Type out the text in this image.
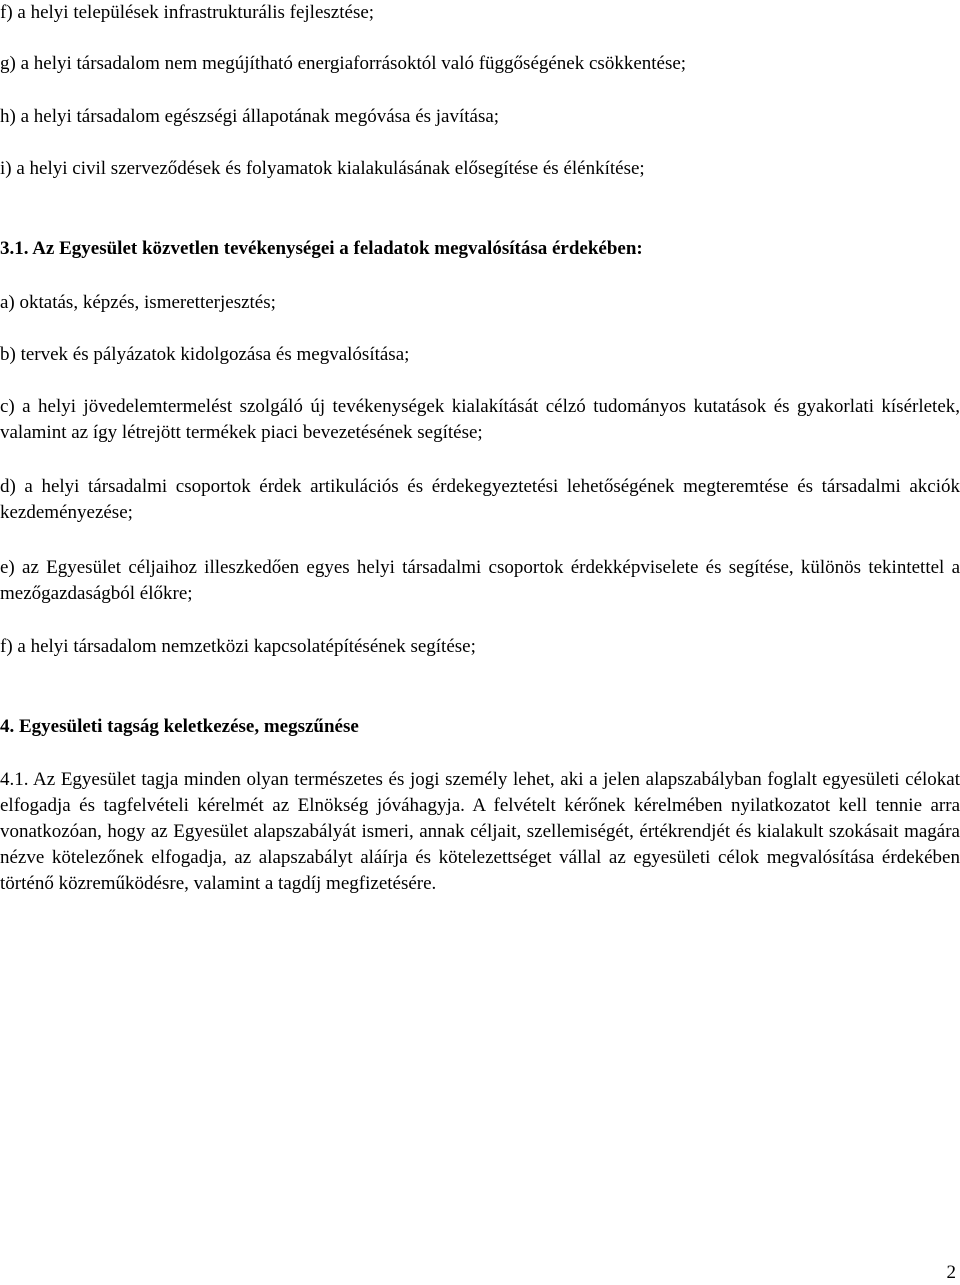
f) a helyi települések infrastrukturális fejlesztése;

g) a helyi társadalom nem megújítható energiaforrásoktól való függőségének csökkentése;

h) a helyi társadalom egészségi állapotának megóvása és javítása;

i) a helyi civil szerveződések és folyamatok kialakulásának elősegítése és élénkítése;

3.1. Az Egyesület közvetlen tevékenységei a feladatok megvalósítása érdekében:

a) oktatás, képzés, ismeretterjesztés;

b) tervek és pályázatok kidolgozása és megvalósítása;

c) a helyi jövedelemtermelést szolgáló új tevékenységek kialakítását célzó tudományos kutatások és gyakorlati kísérletek, valamint az így létrejött termékek piaci bevezetésének segítése;

d) a helyi társadalmi csoportok érdek artikulációs és érdekegyeztetési lehetőségének megteremtése és társadalmi akciók kezdeményezése;

e) az Egyesület céljaihoz illeszkedően egyes helyi társadalmi csoportok érdekképviselete és segítése, különös tekintettel a mezőgazdaságból élőkre;

f) a helyi társadalom nemzetközi kapcsolatépítésének segítése;

4. Egyesületi tagság keletkezése, megszűnése

4.1. Az Egyesület tagja minden olyan természetes és jogi személy lehet, aki a jelen alapszabályban foglalt egyesületi célokat elfogadja és tagfelvételi kérelmét az Elnökség jóváhagyja. A felvételt kérőnek kérelmében nyilatkozatot kell tennie arra vonatkozóan, hogy az Egyesület alapszabályát ismeri, annak céljait, szellemiségét, értékrendjét és kialakult szokásait magára nézve kötelezőnek elfogadja, az alapszabályt aláírja és kötelezettséget vállal az egyesületi célok megvalósítása érdekében történő közreműködésre, valamint a tagdíj megfizetésére.

2
